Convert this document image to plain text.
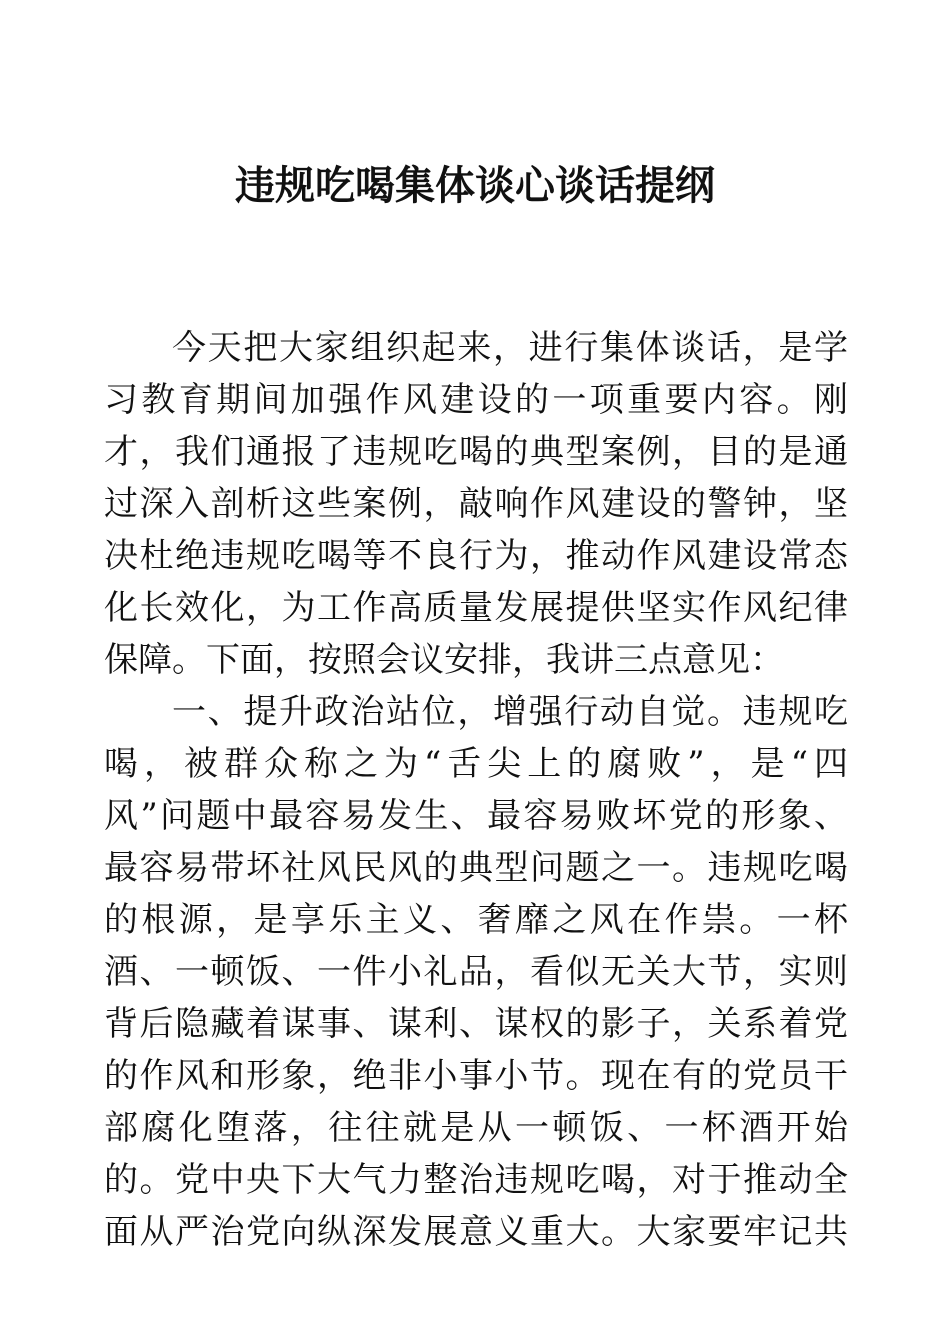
违规吃喝集体谈心谈话提纲
今天把大家组织起来，进行集体谈话，是学
习教育期间加强作风建设的一项重要内容。刚
才，我们通报了违规吃喝的典型案例，目的是通
过深入剖析这些案例，敲响作风建设的警钟，坚
决杜绝违规吃喝等不良行为，推动作风建设常态
化长效化，为工作高质量发展提供坚实作风纪律
保障。下面，按照会议安排，我讲三点意见：
一、提升政治站位，增强行动自觉。违规吃
喝，被群众称之为“舌尖上的腐败”，是“四
风”问题中最容易发生、最容易败坏党的形象、
最容易带坏社风民风的典型问题之一。违规吃喝
的根源，是享乐主义、奢靡之风在作祟。一杯
酒、一顿饭、一件小礼品，看似无关大节，实则
背后隐藏着谋事、谋利、谋权的影子，关系着党
的作风和形象，绝非小事小节。现在有的党员干
部腐化堕落，往往就是从一顿饭、一杯酒开始
的。党中央下大气力整治违规吃喝，对于推动全
面从严治党向纵深发展意义重大。大家要牢记共
